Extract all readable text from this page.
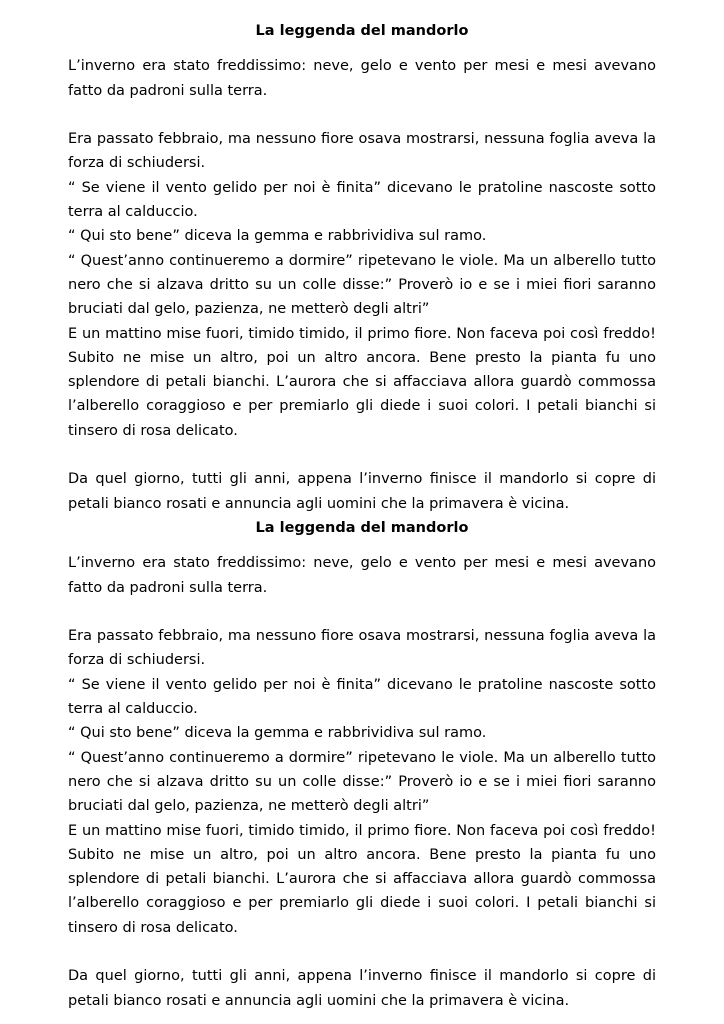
La leggenda del mandorlo

L’inverno era stato freddissimo: neve, gelo e vento per mesi e mesi avevano fatto da padroni sulla terra.

Era passato febbraio, ma nessuno fiore osava mostrarsi, nessuna foglia aveva la forza di schiudersi.

“ Se viene il vento gelido per noi è finita” dicevano le pratoline nascoste sotto terra al calduccio.

“ Qui sto bene” diceva la gemma e rabbrividiva sul ramo.

“ Quest’anno continueremo a dormire” ripetevano le viole. Ma un alberello tutto nero che si alzava dritto su un colle disse:” Proverò io e se i miei fiori saranno bruciati dal gelo, pazienza, ne metterò degli altri”

E un mattino mise fuori, timido timido, il primo fiore. Non faceva poi così freddo! Subito ne mise un altro, poi un altro ancora. Bene presto la pianta fu uno splendore di petali bianchi. L’aurora che si affacciava allora guardò commossa l’alberello coraggioso e per premiarlo gli diede i suoi colori. I petali bianchi si tinsero di rosa delicato.

Da quel giorno, tutti gli anni, appena l’inverno finisce il mandorlo si copre di petali bianco rosati e annuncia agli uomini che la primavera è vicina.

La leggenda del mandorlo

L’inverno era stato freddissimo: neve, gelo e vento per mesi e mesi avevano fatto da padroni sulla terra.

Era passato febbraio, ma nessuno fiore osava mostrarsi, nessuna foglia aveva la forza di schiudersi.

“ Se viene il vento gelido per noi è finita” dicevano le pratoline nascoste sotto terra al calduccio.

“ Qui sto bene” diceva la gemma e rabbrividiva sul ramo.

“ Quest’anno continueremo a dormire” ripetevano le viole. Ma un alberello tutto nero che si alzava dritto su un colle disse:” Proverò io e se i miei fiori saranno bruciati dal gelo, pazienza, ne metterò degli altri”

E un mattino mise fuori, timido timido, il primo fiore. Non faceva poi così freddo! Subito ne mise un altro, poi un altro ancora. Bene presto la pianta fu uno splendore di petali bianchi. L’aurora che si affacciava allora guardò commossa l’alberello coraggioso e per premiarlo gli diede i suoi colori. I petali bianchi si tinsero di rosa delicato.

Da quel giorno, tutti gli anni, appena l’inverno finisce il mandorlo si copre di petali bianco rosati e annuncia agli uomini che la primavera è vicina.
